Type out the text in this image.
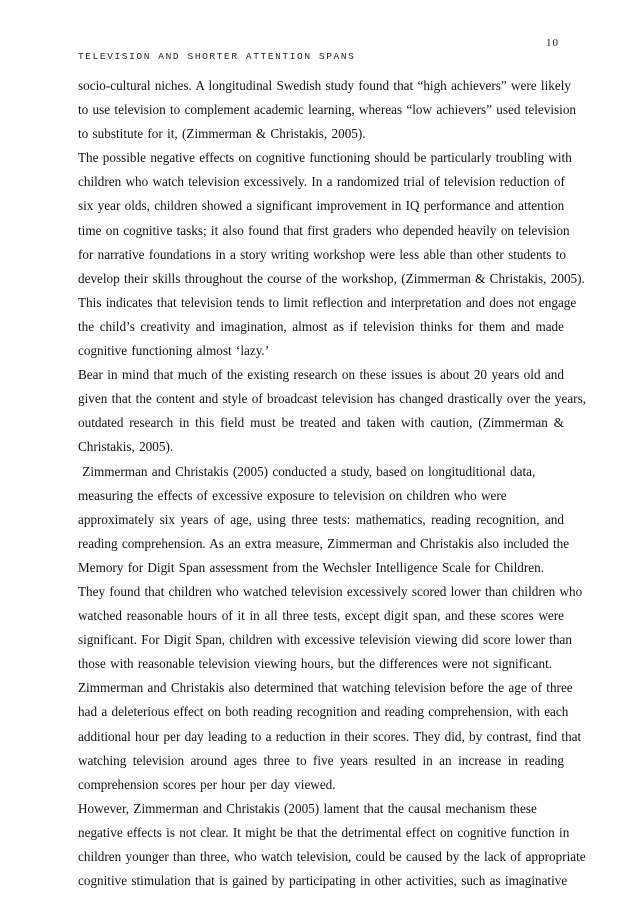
10
TELEVISION AND SHORTER ATTENTION SPANS
socio-cultural niches. A longitudinal Swedish study found that “high achievers” were likely
to use television to complement academic learning, whereas “low achievers” used television
to substitute for it, (Zimmerman & Christakis, 2005).
The possible negative effects on cognitive functioning should be particularly troubling with
children who watch television excessively. In a randomized trial of television reduction of
six year olds, children showed a significant improvement in IQ performance and attention
time on cognitive tasks; it also found that first graders who depended heavily on television
for narrative foundations in a story writing workshop were less able than other students to
develop their skills throughout the course of the workshop, (Zimmerman & Christakis, 2005).
This indicates that television tends to limit reflection and interpretation and does not engage
the child’s creativity and imagination, almost as if television thinks for them and made
cognitive functioning almost ‘lazy.’
Bear in mind that much of the existing research on these issues is about 20 years old and
given that the content and style of broadcast television has changed drastically over the years,
outdated research in this field must be treated and taken with caution, (Zimmerman &
Christakis, 2005).
Zimmerman and Christakis (2005) conducted a study, based on longituditional data,
measuring the effects of excessive exposure to television on children who were
approximately six years of age, using three tests: mathematics, reading recognition, and
reading comprehension. As an extra measure, Zimmerman and Christakis also included the
Memory for Digit Span assessment from the Wechsler Intelligence Scale for Children.
They found that children who watched television excessively scored lower than children who
watched reasonable hours of it in all three tests, except digit span, and these scores were
significant. For Digit Span, children with excessive television viewing did score lower than
those with reasonable television viewing hours, but the differences were not significant.
Zimmerman and Christakis also determined that watching television before the age of three
had a deleterious effect on both reading recognition and reading comprehension, with each
additional hour per day leading to a reduction in their scores. They did, by contrast, find that
watching television around ages three to five years resulted in an increase in reading
comprehension scores per hour per day viewed.
However, Zimmerman and Christakis (2005) lament that the causal mechanism these
negative effects is not clear. It might be that the detrimental effect on cognitive function in
children younger than three, who watch television, could be caused by the lack of appropriate
cognitive stimulation that is gained by participating in other activities, such as imaginative
